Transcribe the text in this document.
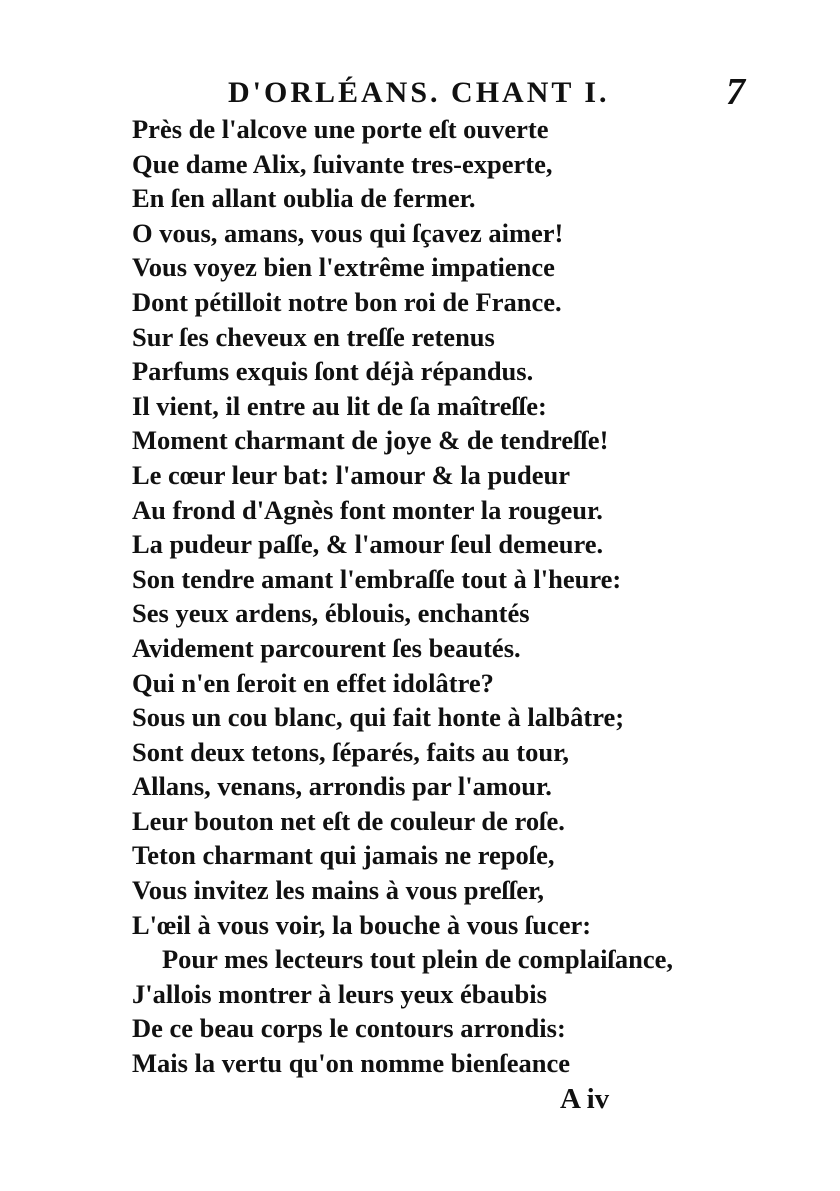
D'ORLÉANS. CHANT I.	7
Près de l'alcove une porte eſt ouverte
Que dame Alix, ſuivante tres-experte,
En ſen allant oublia de fermer.
O vous, amans, vous qui ſçavez aimer!
Vous voyez bien l'extrême impatience
Dont pétilloit notre bon roi de France.
Sur ſes cheveux en treſſe retenus
Parfums exquis ſont déjà répandus.
Il vient, il entre au lit de ſa maîtreſſe:
Moment charmant de joye & de tendreſſe!
Le cœur leur bat: l'amour & la pudeur
Au frond d'Agnès font monter la rougeur.
La pudeur paſſe, & l'amour ſeul demeure.
Son tendre amant l'embraſſe tout à l'heure:
Ses yeux ardens, éblouis, enchantés
Avidement parcourent ſes beautés.
Qui n'en ſeroit en effet idolâtre?
Sous un cou blanc, qui fait honte à lalbâtre;
Sont deux tetons, ſéparés, faits au tour,
Allans, venans, arrondis par l'amour.
Leur bouton net eſt de couleur de roſe.
Teton charmant qui jamais ne repoſe,
Vous invitez les mains à vous preſſer,
L'œil à vous voir, la bouche à vous ſucer:
Pour mes lecteurs tout plein de complaiſance,
J'allois montrer à leurs yeux ébaubis
De ce beau corps le contours arrondis:
Mais la vertu qu'on nomme bienſeance
A iv
